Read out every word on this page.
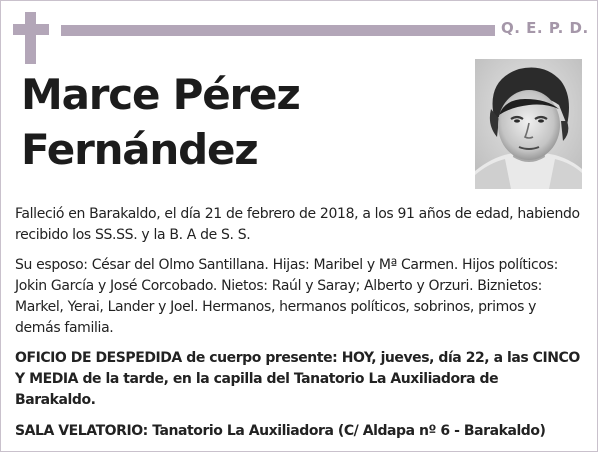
Q. E. P. D.
Marce Pérez
Fernández
Falleció en Barakaldo, el día 21 de febrero de 2018, a los 91 años de edad, habiendo recibido los SS.SS. y la B. A de S. S.
Su esposo: César del Olmo Santillana. Hijas: Maribel y Mª Carmen. Hijos políticos: Jokin García y José Corcobado. Nietos: Raúl y Saray; Alberto y Orzuri. Biznietos: Markel, Yerai, Lander y Joel. Hermanos, hermanos políticos, sobrinos, primos y demás familia.
OFICIO DE DESPEDIDA de cuerpo presente: HOY, jueves, día 22, a las CINCO Y MEDIA de la tarde, en la capilla del Tanatorio La Auxiliadora de Barakaldo.
SALA VELATORIO: Tanatorio La Auxiliadora (C/ Aldapa nº 6 - Barakaldo)
